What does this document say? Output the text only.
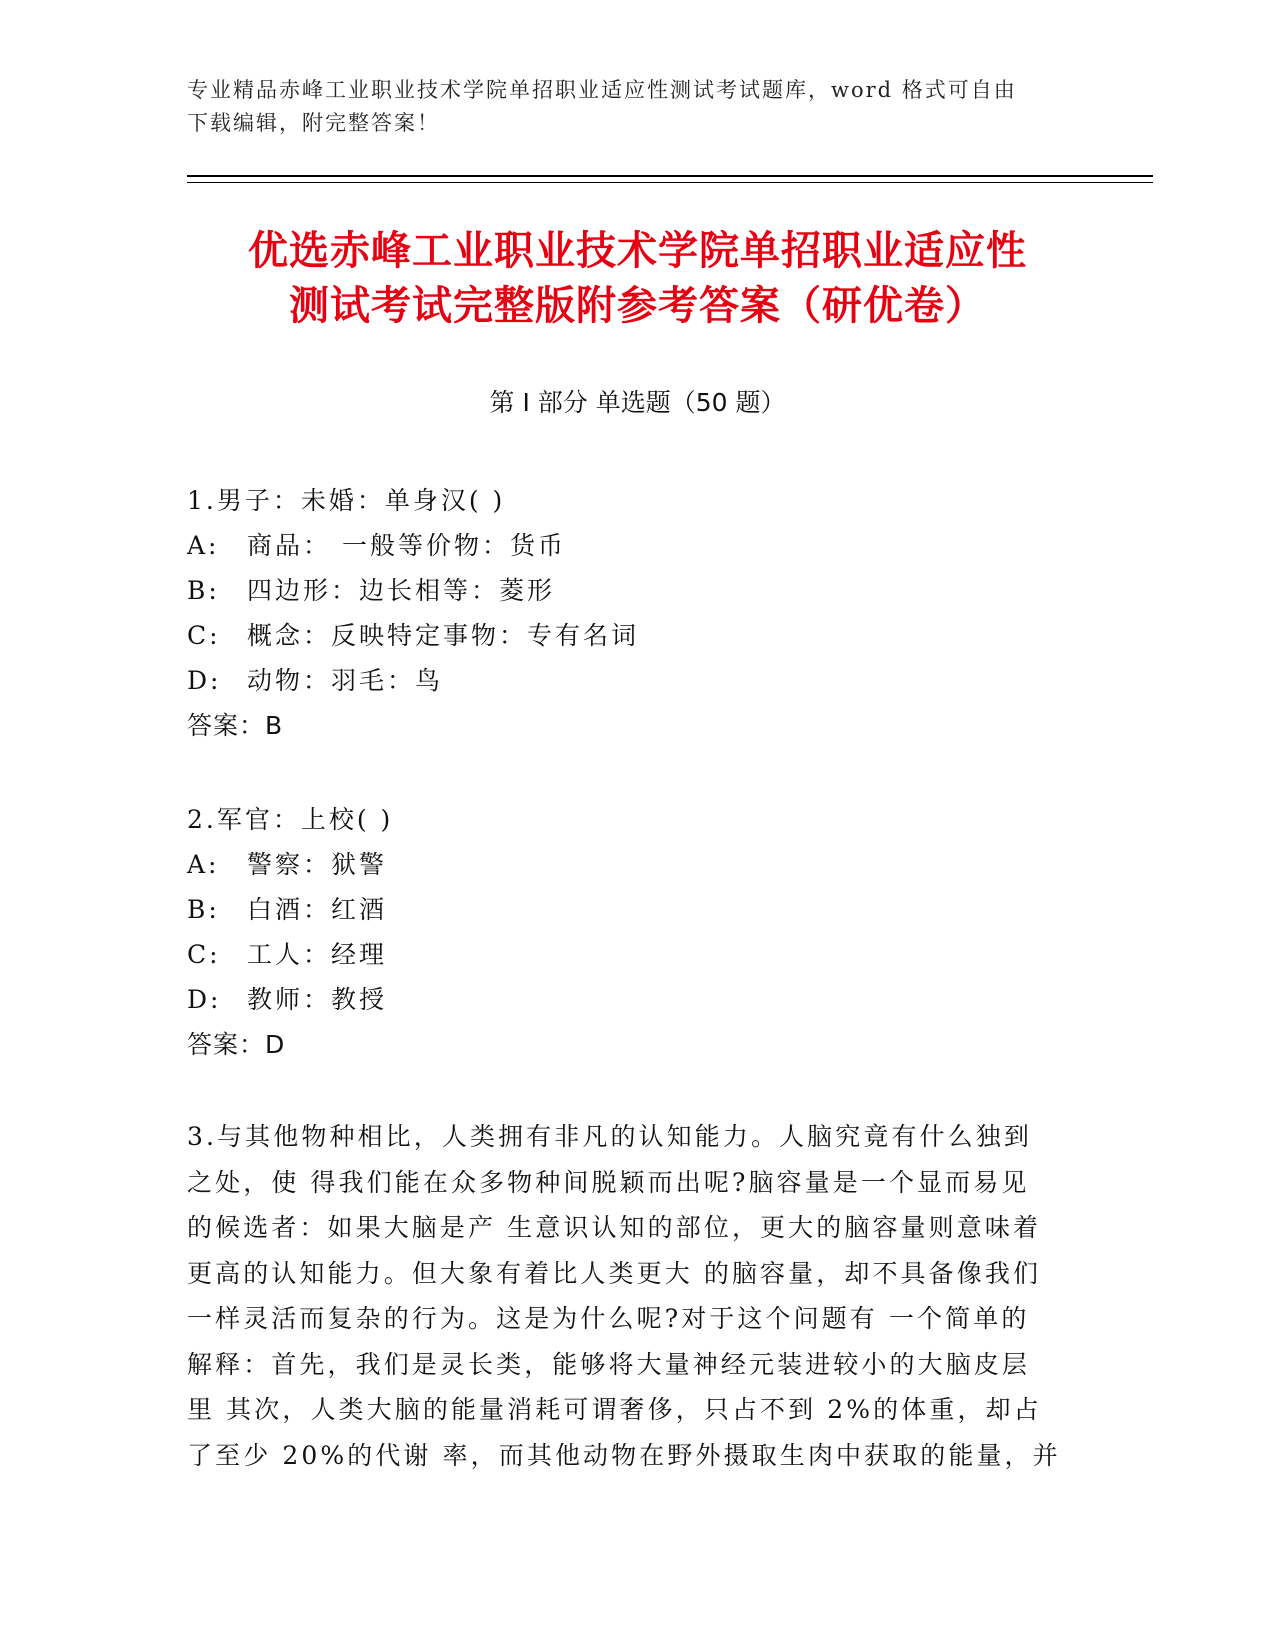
专业精品赤峰工业职业技术学院单招职业适应性测试考试题库，word 格式可自由
下载编辑，附完整答案！
优选赤峰工业职业技术学院单招职业适应性
测试考试完整版附参考答案（研优卷）
第 I 部分 单选题（50 题）
1.男子：未婚：单身汉( )
A:	商品： 一般等价物：货币
B:	四边形：边长相等：菱形
C:	概念：反映特定事物：专有名词
D:	动物：羽毛：鸟
答案：B
2.军官：上校( )
A:	警察：狱警
B:	白酒：红酒
C:	工人：经理
D:	教师：教授
答案：D
3.与其他物种相比，人类拥有非凡的认知能力。人脑究竟有什么独到
之处，使 得我们能在众多物种间脱颖而出呢?脑容量是一个显而易见
的候选者：如果大脑是产 生意识认知的部位，更大的脑容量则意味着
更高的认知能力。但大象有着比人类更大 的脑容量，却不具备像我们
一样灵活而复杂的行为。这是为什么呢?对于这个问题有 一个简单的
解释：首先，我们是灵长类，能够将大量神经元装进较小的大脑皮层
里 其次，人类大脑的能量消耗可谓奢侈，只占不到 2%的体重，却占
了至少 20%的代谢 率，而其他动物在野外摄取生肉中获取的能量，并
